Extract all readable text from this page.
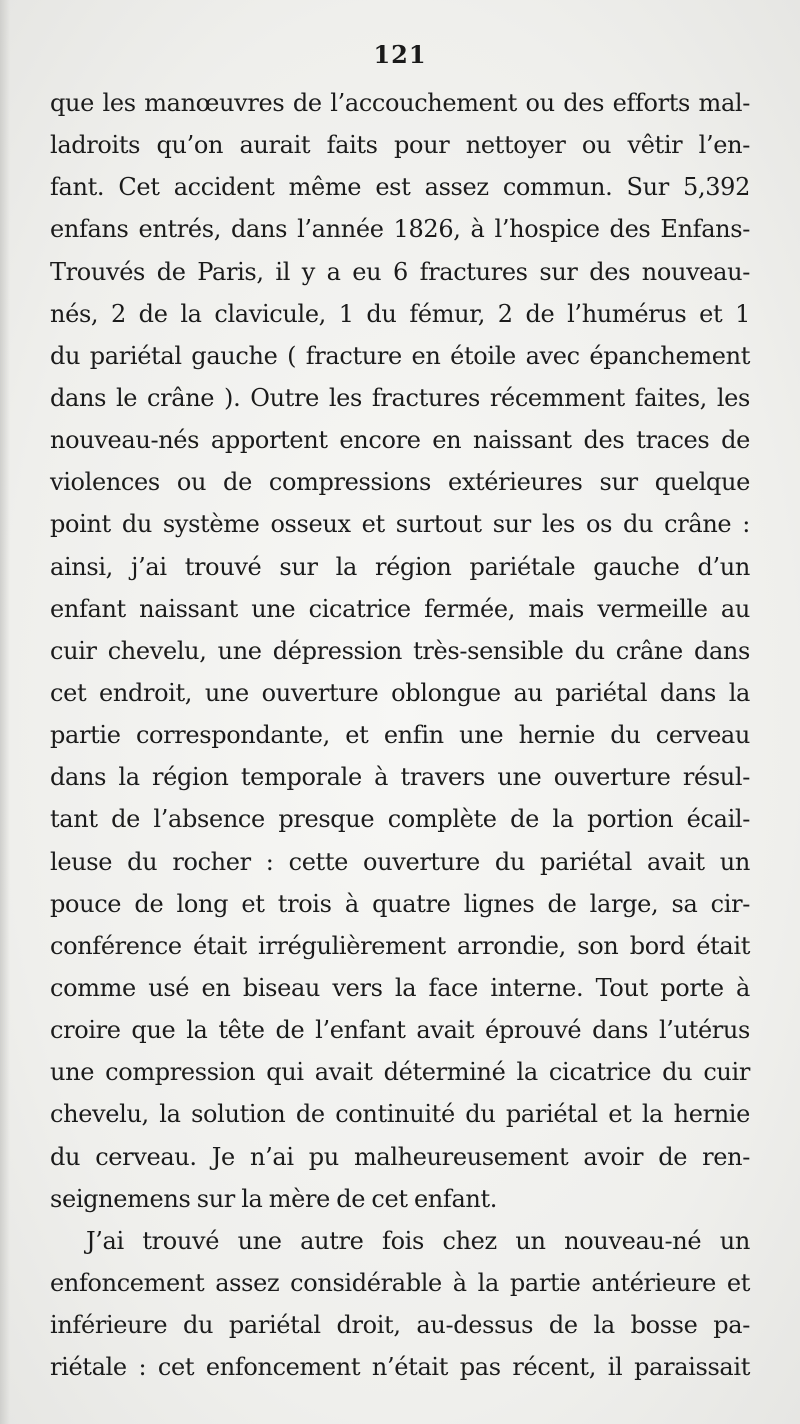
121
que les manœuvres de l’accouchement ou des efforts mal-
ladroits qu’on aurait faits pour nettoyer ou vêtir l’en-
fant. Cet accident même est assez commun. Sur 5,392
enfans entrés, dans l’année 1826, à l’hospice des Enfans-
Trouvés de Paris, il y a eu 6 fractures sur des nouveau-
nés, 2 de la clavicule, 1 du fémur, 2 de l’humérus et 1
du pariétal gauche ( fracture en étoile avec épanchement
dans le crâne ). Outre les fractures récemment faites, les
nouveau-nés apportent encore en naissant des traces de
violences ou de compressions extérieures sur quelque
point du système osseux et surtout sur les os du crâne :
ainsi, j’ai trouvé sur la région pariétale gauche d’un
enfant naissant une cicatrice fermée, mais vermeille au
cuir chevelu, une dépression très-sensible du crâne dans
cet endroit, une ouverture oblongue au pariétal dans la
partie correspondante, et enfin une hernie du cerveau
dans la région temporale à travers une ouverture résul-
tant de l’absence presque complète de la portion écail-
leuse du rocher : cette ouverture du pariétal avait un
pouce de long et trois à quatre lignes de large, sa cir-
conférence était irrégulièrement arrondie, son bord était
comme usé en biseau vers la face interne. Tout porte à
croire que la tête de l’enfant avait éprouvé dans l’utérus
une compression qui avait déterminé la cicatrice du cuir
chevelu, la solution de continuité du pariétal et la hernie
du cerveau. Je n’ai pu malheureusement avoir de ren-
seignemens sur la mère de cet enfant.
J’ai trouvé une autre fois chez un nouveau-né un
enfoncement assez considérable à la partie antérieure et
inférieure du pariétal droit, au-dessus de la bosse pa-
riétale : cet enfoncement n’était pas récent, il paraissait
